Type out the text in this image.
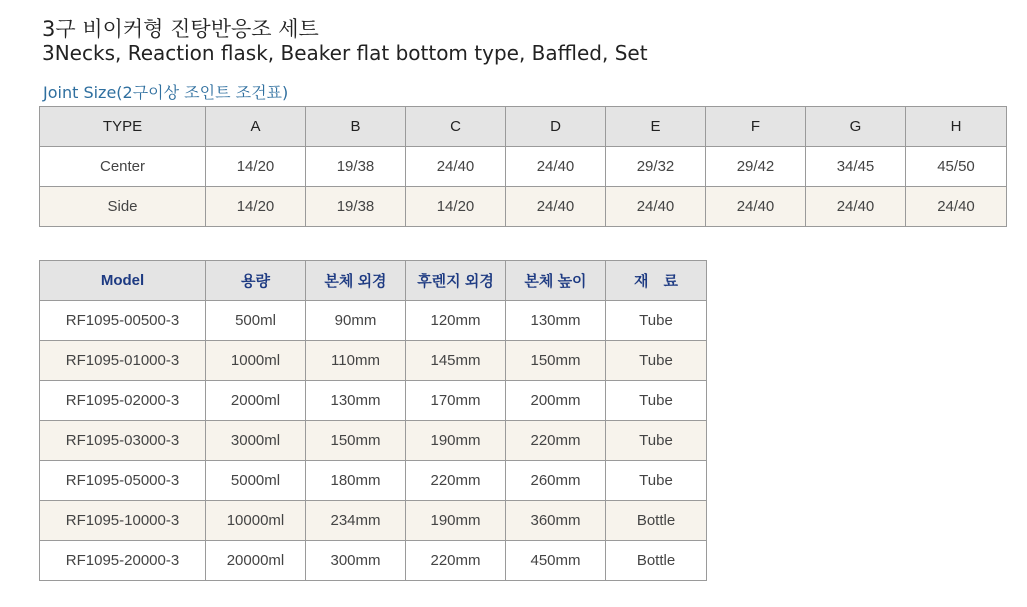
3구 비이커형 진탕반응조 세트
3Necks, Reaction flask, Beaker flat bottom type, Baffled, Set
Joint Size(2구이상 조인트 조건표)
TYPE	A	B	C	D	E	F	G	H
Center	14/20	19/38	24/40	24/40	29/32	29/42	34/45	45/50
Side	14/20	19/38	14/20	24/40	24/40	24/40	24/40	24/40
Model	용량	본체 외경	후렌지 외경	본체 높이	재　료
RF1095-00500-3	500ml	90mm	120mm	130mm	Tube
RF1095-01000-3	1000ml	110mm	145mm	150mm	Tube
RF1095-02000-3	2000ml	130mm	170mm	200mm	Tube
RF1095-03000-3	3000ml	150mm	190mm	220mm	Tube
RF1095-05000-3	5000ml	180mm	220mm	260mm	Tube
RF1095-10000-3	10000ml	234mm	190mm	360mm	Bottle
RF1095-20000-3	20000ml	300mm	220mm	450mm	Bottle
